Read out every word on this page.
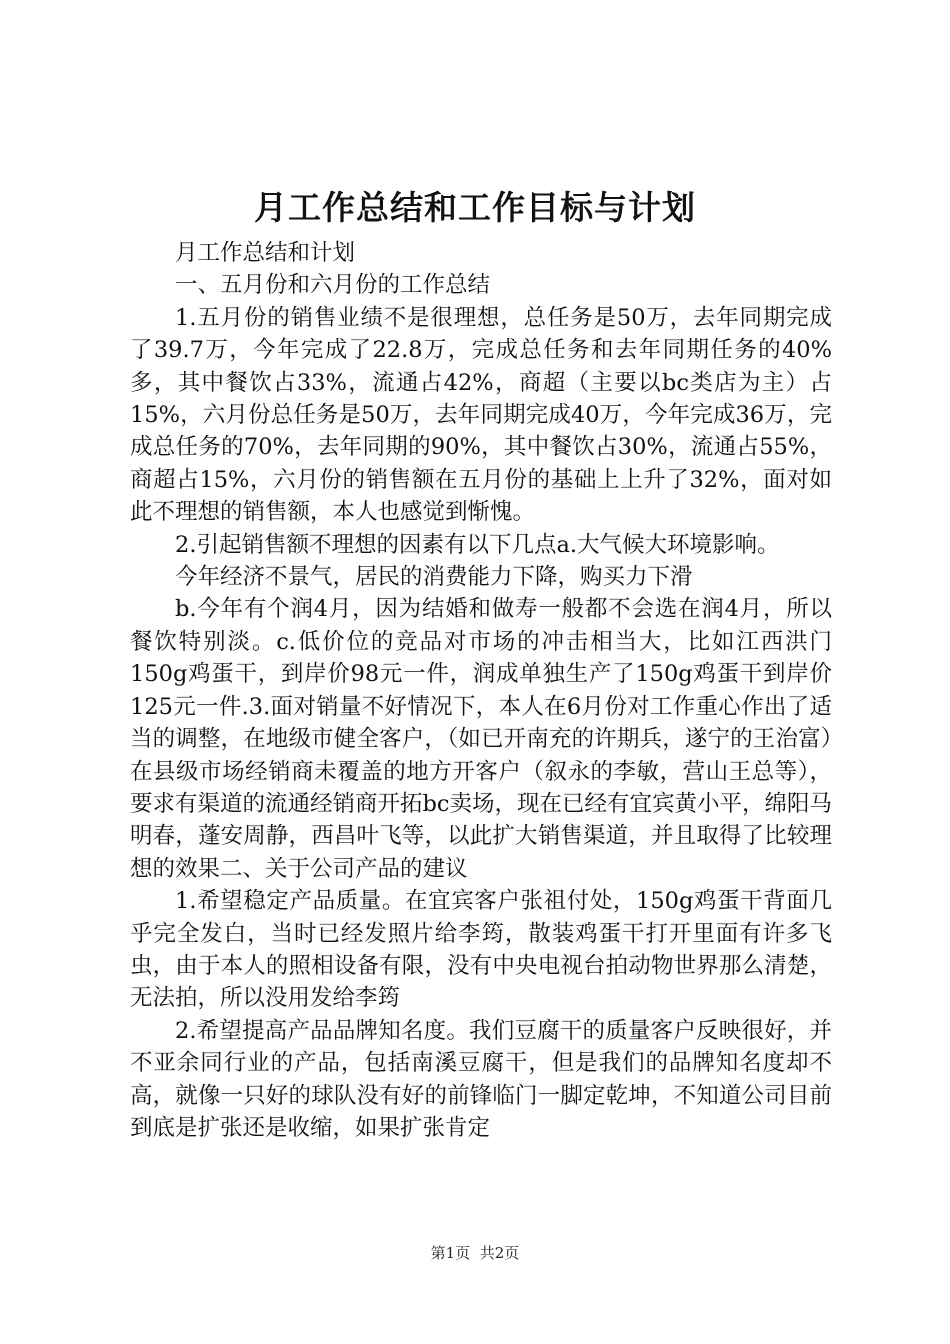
月工作总结和工作目标与计划

月工作总结和计划

一、五月份和六月份的工作总结

1.五月份的销售业绩不是很理想，总任务是50万，去年同期完成了39.7万，今年完成了22.8万，完成总任务和去年同期任务的40%多，其中餐饮占33%，流通占42%，商超（主要以bc类店为主）占15%，六月份总任务是50万，去年同期完成40万，今年完成36万，完成总任务的70%，去年同期的90%，其中餐饮占30%，流通占55%，商超占15%，六月份的销售额在五月份的基础上上升了32%，面对如此不理想的销售额，本人也感觉到惭愧。

2.引起销售额不理想的因素有以下几点a.大气候大环境影响。

今年经济不景气，居民的消费能力下降，购买力下滑

b.今年有个润4月，因为结婚和做寿一般都不会选在润4月，所以餐饮特别淡。c.低价位的竞品对市场的冲击相当大，比如江西洪门150g鸡蛋干，到岸价98元一件，润成单独生产了150g鸡蛋干到岸价125元一件.3.面对销量不好情况下，本人在6月份对工作重心作出了适当的调整，在地级市健全客户，（如已开南充的许期兵，遂宁的王治富）在县级市场经销商未覆盖的地方开客户（叙永的李敏，营山王总等），要求有渠道的流通经销商开拓bc卖场，现在已经有宜宾黄小平，绵阳马明春，蓬安周静，西昌叶飞等，以此扩大销售渠道，并且取得了比较理想的效果二、关于公司产品的建议

1.希望稳定产品质量。在宜宾客户张祖付处，150g鸡蛋干背面几乎完全发白，当时已经发照片给李筠，散装鸡蛋干打开里面有许多飞虫，由于本人的照相设备有限，没有中央电视台拍动物世界那么清楚，无法拍，所以没用发给李筠

2.希望提高产品品牌知名度。我们豆腐干的质量客户反映很好，并不亚余同行业的产品，包括南溪豆腐干，但是我们的品牌知名度却不高，就像一只好的球队没有好的前锋临门一脚定乾坤，不知道公司目前到底是扩张还是收缩，如果扩张肯定

第1页 共2页
